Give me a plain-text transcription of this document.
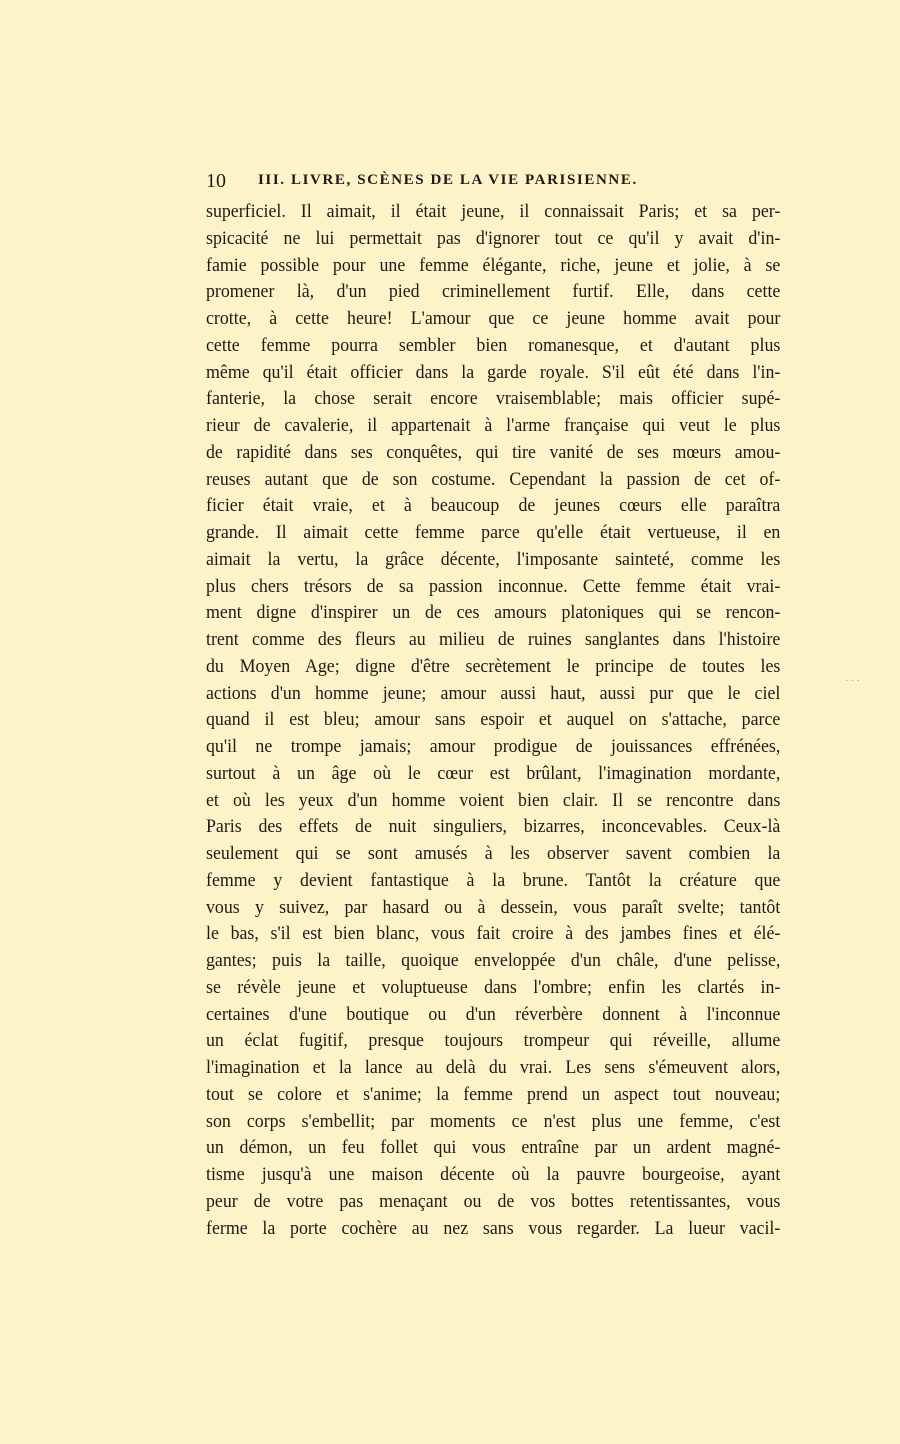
10 III. LIVRE, SCÈNES DE LA VIE PARISIENNE.
superficiel. Il aimait, il était jeune, il connaissait Paris; et sa per-
spicacité ne lui permettait pas d'ignorer tout ce qu'il y avait d'in-
famie possible pour une femme élégante, riche, jeune et jolie, à se
promener là, d'un pied criminellement furtif. Elle, dans cette
crotte, à cette heure! L'amour que ce jeune homme avait pour
cette femme pourra sembler bien romanesque, et d'autant plus
même qu'il était officier dans la garde royale. S'il eût été dans l'in-
fanterie, la chose serait encore vraisemblable; mais officier supé-
rieur de cavalerie, il appartenait à l'arme française qui veut le plus
de rapidité dans ses conquêtes, qui tire vanité de ses mœurs amou-
reuses autant que de son costume. Cependant la passion de cet of-
ficier était vraie, et à beaucoup de jeunes cœurs elle paraîtra
grande. Il aimait cette femme parce qu'elle était vertueuse, il en
aimait la vertu, la grâce décente, l'imposante sainteté, comme les
plus chers trésors de sa passion inconnue. Cette femme était vrai-
ment digne d'inspirer un de ces amours platoniques qui se rencon-
trent comme des fleurs au milieu de ruines sanglantes dans l'histoire
du Moyen Age; digne d'être secrètement le principe de toutes les
actions d'un homme jeune; amour aussi haut, aussi pur que le ciel
quand il est bleu; amour sans espoir et auquel on s'attache, parce
qu'il ne trompe jamais; amour prodigue de jouissances effrénées,
surtout à un âge où le cœur est brûlant, l'imagination mordante,
et où les yeux d'un homme voient bien clair. Il se rencontre dans
Paris des effets de nuit singuliers, bizarres, inconcevables. Ceux-là
seulement qui se sont amusés à les observer savent combien la
femme y devient fantastique à la brune. Tantôt la créature que
vous y suivez, par hasard ou à dessein, vous paraît svelte; tantôt
le bas, s'il est bien blanc, vous fait croire à des jambes fines et élé-
gantes; puis la taille, quoique enveloppée d'un châle, d'une pelisse,
se révèle jeune et voluptueuse dans l'ombre; enfin les clartés in-
certaines d'une boutique ou d'un réverbère donnent à l'inconnue
un éclat fugitif, presque toujours trompeur qui réveille, allume
l'imagination et la lance au delà du vrai. Les sens s'émeuvent alors,
tout se colore et s'anime; la femme prend un aspect tout nouveau;
son corps s'embellit; par moments ce n'est plus une femme, c'est
un démon, un feu follet qui vous entraîne par un ardent magné-
tisme jusqu'à une maison décente où la pauvre bourgeoise, ayant
peur de votre pas menaçant ou de vos bottes retentissantes, vous
ferme la porte cochère au nez sans vous regarder. La lueur vacil-
· · ·
